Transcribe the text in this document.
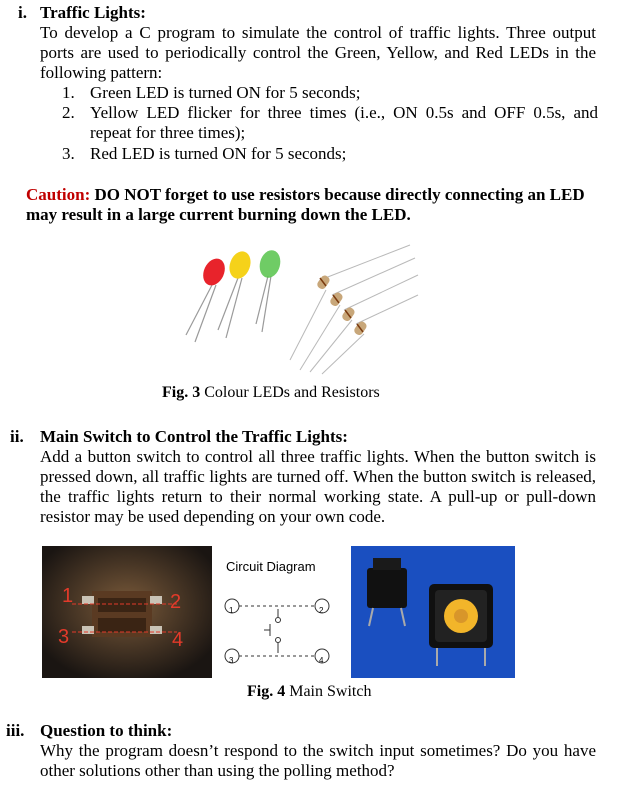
i. Traffic Lights:
To develop a C program to simulate the control of traffic lights. Three output ports are used to periodically control the Green, Yellow, and Red LEDs in the following pattern:
1. Green LED is turned ON for 5 seconds;
2. Yellow LED flicker for three times (i.e., ON 0.5s and OFF 0.5s, and repeat for three times);
3. Red LED is turned ON for 5 seconds;
Caution: DO NOT forget to use resistors because directly connecting an LED may result in a large current burning down the LED.
Fig. 3 Colour LEDs and Resistors
ii. Main Switch to Control the Traffic Lights:
Add a button switch to control all three traffic lights. When the button switch is pressed down, all traffic lights are turned off. When the button switch is released, the traffic lights return to their normal working state. A pull-up or pull-down resistor may be used depending on your own code.
1	2
3	4
Circuit Diagram
1	2
3	4
Fig. 4 Main Switch
iii. Question to think:
Why the program doesn’t respond to the switch input sometimes? Do you have other solutions other than using the polling method?
